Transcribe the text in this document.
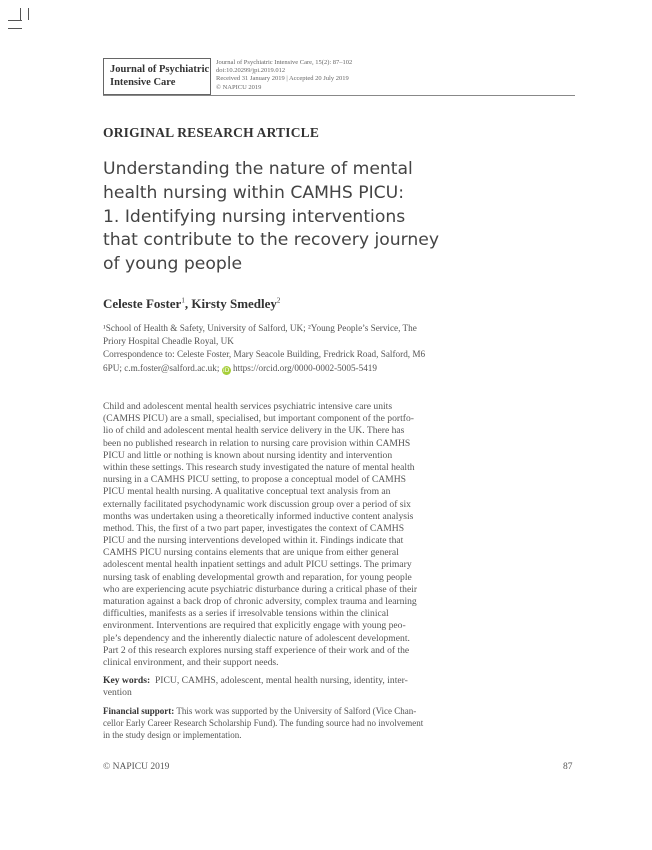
Journal of Psychiatric
Intensive Care
Journal of Psychiatric Intensive Care, 15(2): 87–102
doi:10.20299/jpi.2019.012
Received 31 January 2019 | Accepted 20 July 2019
© NAPICU 2019
ORIGINAL RESEARCH ARTICLE
Understanding the nature of mental
health nursing within CAMHS PICU:
1. Identifying nursing interventions
that contribute to the recovery journey
of young people
Celeste Foster$^1$, Kirsty Smedley$^2$
¹School of Health & Safety, University of Salford, UK; ²Young People’s Service, The
Priory Hospital Cheadle Royal, UK
Correspondence to: Celeste Foster, Mary Seacole Building, Fredrick Road, Salford, M6
6PU; c.m.foster@salford.ac.uk; iD https://orcid.org/0000-0002-5005-5419
Child and adolescent mental health services psychiatric intensive care units
(CAMHS PICU) are a small, specialised, but important component of the portfo-
lio of child and adolescent mental health service delivery in the UK. There has
been no published research in relation to nursing care provision within CAMHS
PICU and little or nothing is known about nursing identity and intervention
within these settings. This research study investigated the nature of mental health
nursing in a CAMHS PICU setting, to propose a conceptual model of CAMHS
PICU mental health nursing. A qualitative conceptual text analysis from an
externally facilitated psychodynamic work discussion group over a period of six
months was undertaken using a theoretically informed inductive content analysis
method. This, the first of a two part paper, investigates the context of CAMHS
PICU and the nursing interventions developed within it. Findings indicate that
CAMHS PICU nursing contains elements that are unique from either general
adolescent mental health inpatient settings and adult PICU settings. The primary
nursing task of enabling developmental growth and reparation, for young people
who are experiencing acute psychiatric disturbance during a critical phase of their
maturation against a back drop of chronic adversity, complex trauma and learning
difficulties, manifests as a series if irresolvable tensions within the clinical
environment. Interventions are required that explicitly engage with young peo-
ple’s dependency and the inherently dialectic nature of adolescent development.
Part 2 of this research explores nursing staff experience of their work and of the
clinical environment, and their support needs.
Key words: PICU, CAMHS, adolescent, mental health nursing, identity, inter-
vention
Financial support: This work was supported by the University of Salford (Vice Chan-
cellor Early Career Research Scholarship Fund). The funding source had no involvement
in the study design or implementation.
© NAPICU 2019	87
